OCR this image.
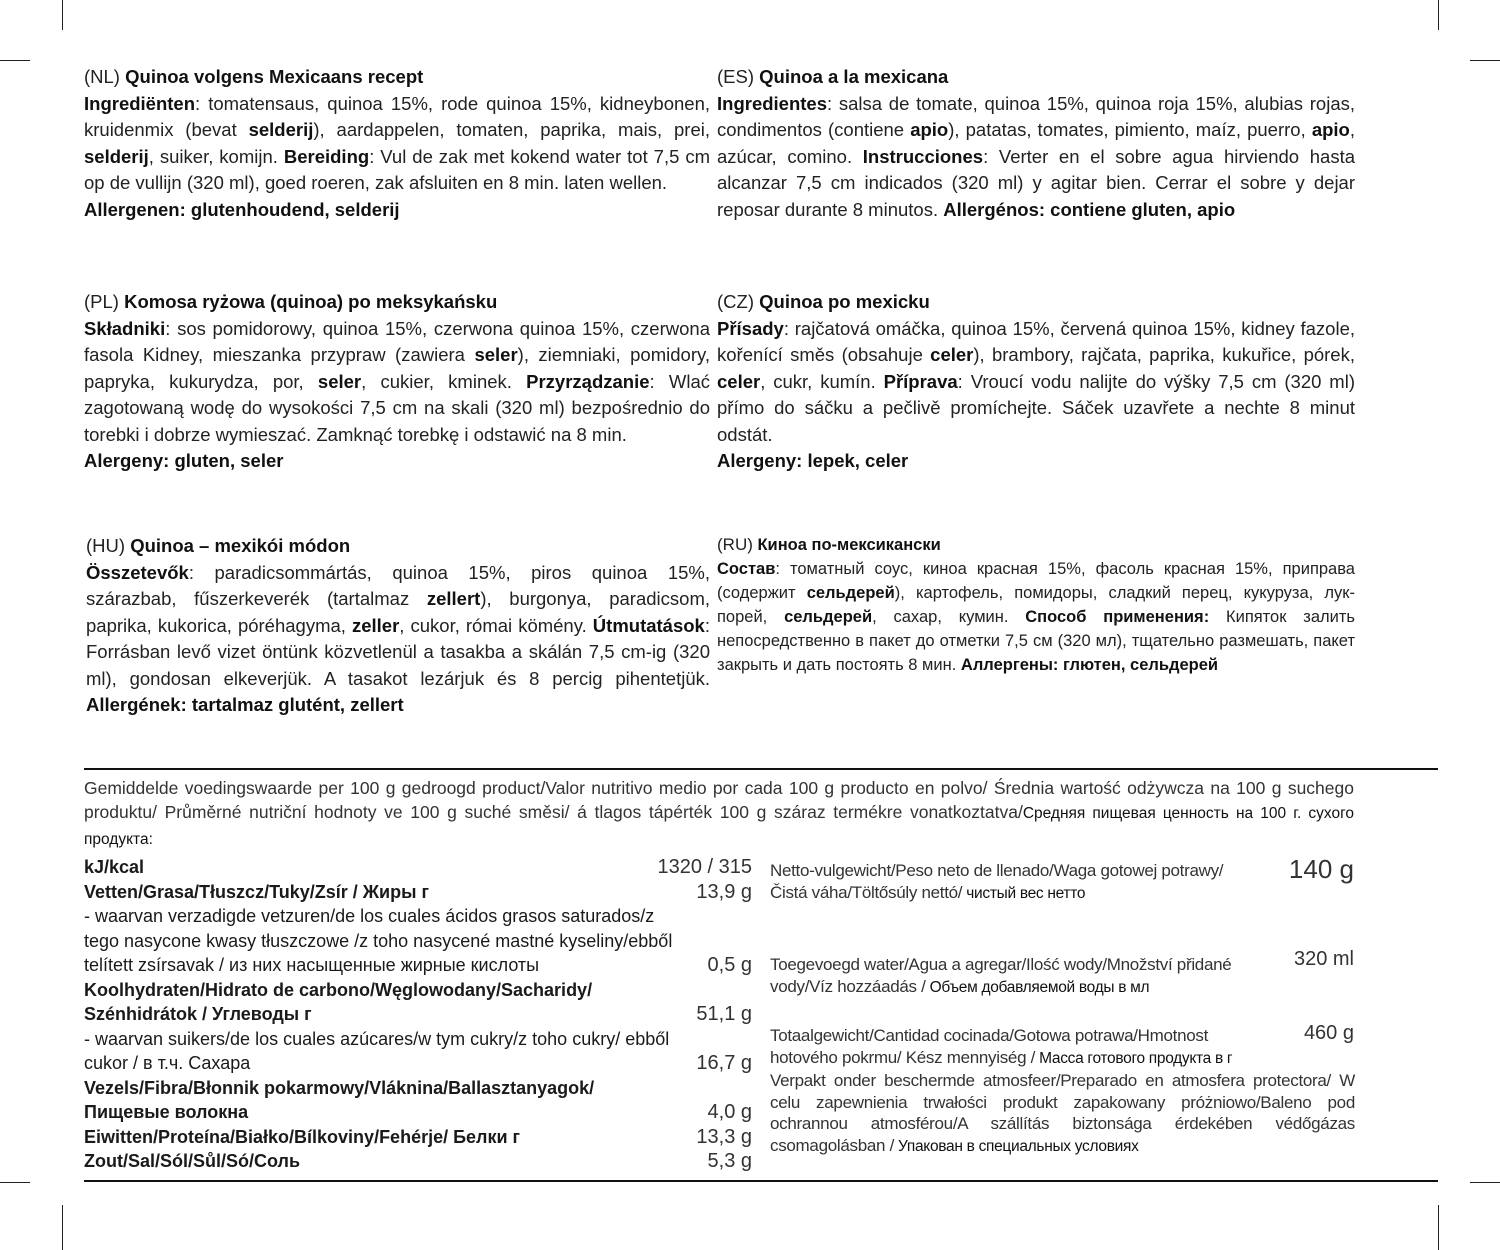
(NL) Quinoa volgens Mexicaans recept
Ingrediënten: tomatensaus, quinoa 15%, rode quinoa 15%, kidneybonen, kruidenmix (bevat selderij), aardappelen, tomaten, paprika, mais, prei, selderij, suiker, komijn. Bereiding: Vul de zak met kokend water tot 7,5 cm op de vullijn (320 ml), goed roeren, zak afsluiten en 8 min. laten wellen.
Allergenen: glutenhoudend, selderij
(ES) Quinoa a la mexicana
Ingredientes: salsa de tomate, quinoa 15%, quinoa roja 15%, alubias rojas, condimentos (contiene apio), patatas, tomates, pimiento, maíz, puerro, apio, azúcar, comino. Instrucciones: Verter en el sobre agua hirviendo hasta alcanzar 7,5 cm indicados (320 ml) y agitar bien. Cerrar el sobre y dejar reposar durante 8 minutos. Allergénos: contiene gluten, apio
(PL) Komosa ryżowa (quinoa) po meksykańsku
Składniki: sos pomidorowy, quinoa 15%, czerwona quinoa 15%, czerwona fasola Kidney, mieszanka przypraw (zawiera seler), ziemniaki, pomidory, papryka, kukurydza, por, seler, cukier, kminek. Przyrządzanie: Wlać zagotowaną wodę do wysokości 7,5 cm na skali (320 ml) bezpośrednio do torebki i dobrze wymieszać. Zamknąć torebkę i odstawić na 8 min.
Alergeny: gluten, seler
(CZ) Quinoa po mexicku
Přísady: rajčatová omáčka, quinoa 15%, červená quinoa 15%, kidney fazole, kořenící směs (obsahuje celer), brambory, rajčata, paprika, kukuřice, pórek, celer, cukr, kumín. Příprava: Vroucí vodu nalijte do výšky 7,5 cm (320 ml) přímo do sáčku a pečlivě promíchejte. Sáček uzavřete a nechte 8 minut odstát.
Alergeny: lepek, celer
(HU) Quinoa – mexikói módon
Összetevők: paradicsommártás, quinoa 15%, piros quinoa 15%, szárazbab, fűszerkeverék (tartalmaz zellert), burgonya, paradicsom, paprika, kukorica, póréhagyma, zeller, cukor, római kömény. Útmutatások: Forrásban levő vizet öntünk közvetlenül a tasakba a skálán 7,5 cm-ig (320 ml), gondosan elkeverjük. A tasakot lezárjuk és 8 percig pihentetjük. Allergének: tartalmaz glutént, zellert
(RU) Киноа по-мексикански
Состав: томатный соус, киноа красная 15%, фасоль красная 15%, приправа (содержит сельдерей), картофель, помидоры, сладкий перец, кукуруза, лук-порей, сельдерей, сахар, кумин. Способ применения: Кипяток залить непосредственно в пакет до отметки 7,5 см (320 мл), тщательно размешать, пакет закрыть и дать постоять 8 мин. Аллергены: глютен, сельдерей
Gemiddelde voedingswaarde per 100 g gedroogd product/Valor nutritivo medio por cada 100 g producto en polvo/ Średnia wartość odżywcza na 100 g suchego produktu/ Průměrné nutriční hodnoty ve 100 g suché směsi/ á tlagos tápérték 100 g száraz termékre vonatkoztatva/Средняя пищевая ценность на 100 г. сухого продукта:
kJ/kcal	1320 / 315
Vetten/Grasa/Tłuszcz/Tuky/Zsír / Жиры г	13,9 g
- waarvan verzadigde vetzuren/de los cuales ácidos grasos saturados/z tego nasycone kwasy tłuszczowe /z toho nasycené mastné kyseliny/ebből telített zsírsavak / из них насыщенные жирные кислоты	0,5 g
Koolhydraten/Hidrato de carbono/Węglowodany/Sacharidy/ Szénhidrátok / Углеводы г	51,1 g
- waarvan suikers/de los cuales azúcares/w tym cukry/z toho cukry/ ebből cukor / в т.ч. Сахара	16,7 g
Vezels/Fibra/Błonnik pokarmowy/Vláknina/Ballasztanyagok/ Пищевые волокна	4,0 g
Eiwitten/Proteína/Białko/Bílkoviny/Fehérje/ Белки г	13,3 g
Zout/Sal/Sól/Sůl/Só/Соль	5,3 g
Netto-vulgewicht/Peso neto de llenado/Waga gotowej potrawy/Čistá váha/Töltősúly nettó/ чистый вес нетто
140 g
Toegevoegd water/Agua a agregar/Ilość wody/Množství přidané vody/Víz hozzáadás / Объем добавляемой воды в мл
320 ml
Totaalgewicht/Cantidad cocinada/Gotowa potrawa/Hmotnost hotového pokrmu/ Kész mennyiség / Масса готового продукта в г
460 g
Verpakt onder beschermde atmosfeer/Preparado en atmosfera protectora/ W celu zapewnienia trwałości produkt zapakowany próżniowo/Baleno pod ochrannou atmosférou/A szállítás biztonsága érdekében védőgázas csomagolásban / Упакован в специальных условиях
